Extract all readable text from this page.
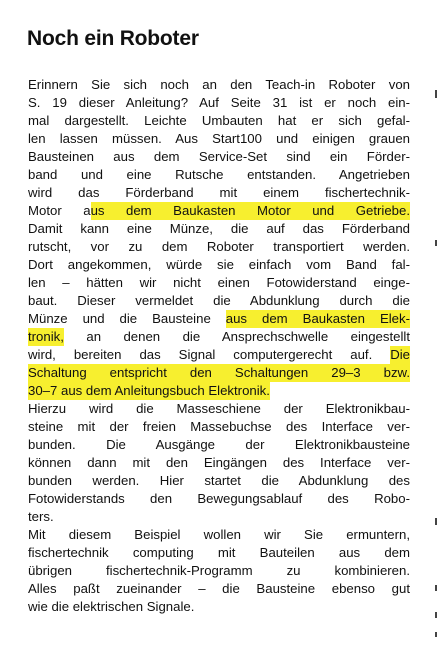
Noch ein Roboter
Erinnern Sie sich noch an den Teach-in Roboter von
S. 19 dieser Anleitung? Auf Seite 31 ist er noch ein-
mal dargestellt. Leichte Umbauten hat er sich gefal-
len lassen müssen. Aus Start100 und einigen grauen
Bausteinen aus dem Service-Set sind ein Förder-
band und eine Rutsche entstanden. Angetrieben
wird das Förderband mit einem fischertechnik-
Motor aus dem Baukasten Motor und Getriebe.
Damit kann eine Münze, die auf das Förderband
rutscht, vor zu dem Roboter transportiert werden.
Dort angekommen, würde sie einfach vom Band fal-
len – hätten wir nicht einen Fotowiderstand einge-
baut. Dieser vermeldet die Abdunklung durch die
Münze und die Bausteine aus dem Baukasten Elek-
tronik, an denen die Ansprechschwelle eingestellt
wird, bereiten das Signal computergerecht auf. Die
Schaltung entspricht den Schaltungen 29–3 bzw.
30–7 aus dem Anleitungsbuch Elektronik.
Hierzu wird die Masseschiene der Elektronikbau-
steine mit der freien Massebuchse des Interface ver-
bunden. Die Ausgänge der Elektronikbausteine
können dann mit den Eingängen des Interface ver-
bunden werden. Hier startet die Abdunklung des
Fotowiderstands den Bewegungsablauf des Robo-
ters.
Mit diesem Beispiel wollen wir Sie ermuntern,
fischertechnik computing mit Bauteilen aus dem
übrigen fischertechnik-Programm zu kombinieren.
Alles paßt zueinander – die Bausteine ebenso gut
wie die elektrischen Signale.
